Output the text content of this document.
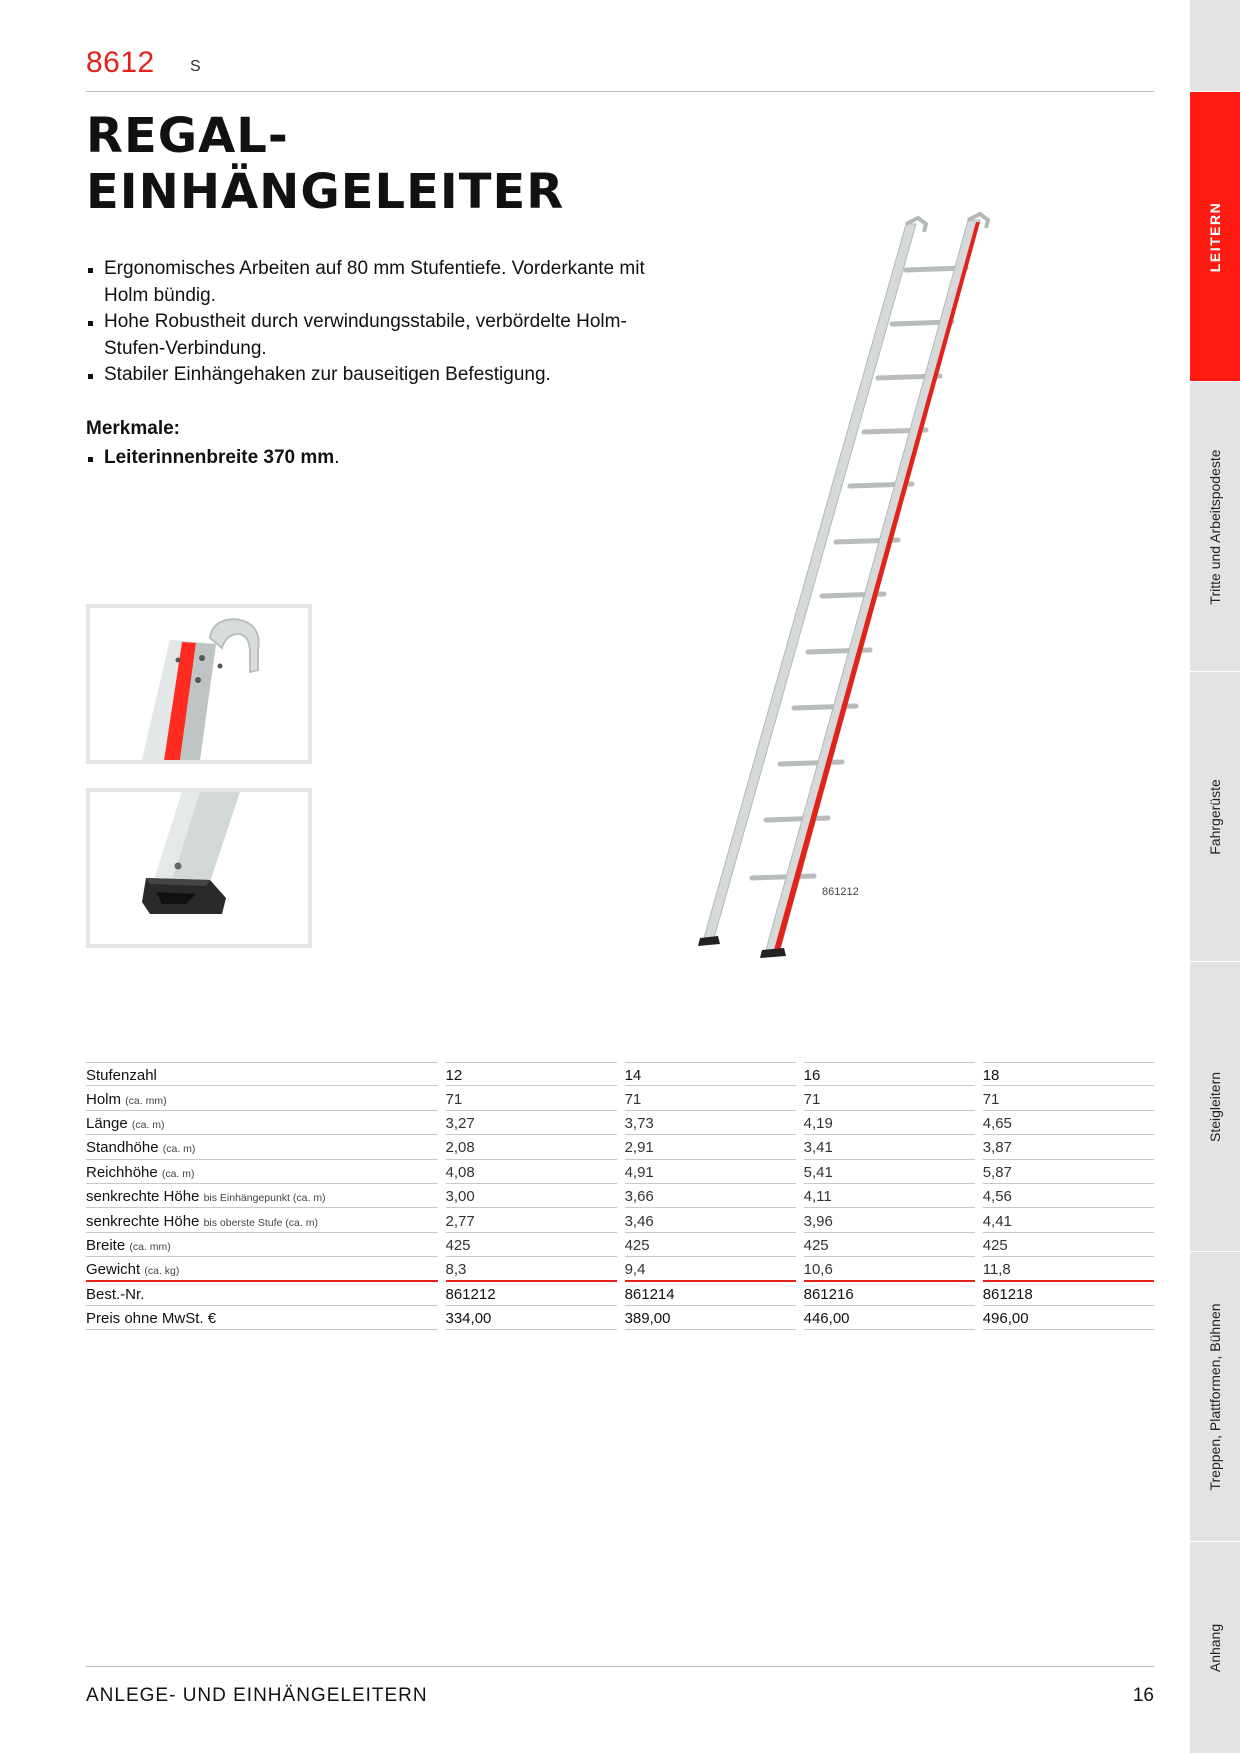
8612 S
REGAL-
EINHÄNGELEITER
Ergonomisches Arbeiten auf 80 mm Stufentiefe. Vorderkante mit Holm bündig.
Hohe Robustheit durch verwindungsstabile, verbördelte Holm-Stufen-Verbindung.
Stabiler Einhängehaken zur bauseitigen Befestigung.
Merkmale:
Leiterinnenbreite 370 mm.
861212
Stufenzahl		12		14		16		18
Holm (ca. mm)		71		71		71		71
Länge (ca. m)		3,27		3,73		4,19		4,65
Standhöhe (ca. m)		2,08		2,91		3,41		3,87
Reichhöhe (ca. m)		4,08		4,91		5,41		5,87
senkrechte Höhe bis Einhängepunkt (ca. m)		3,00		3,66		4,11		4,56
senkrechte Höhe bis oberste Stufe (ca. m)		2,77		3,46		3,96		4,41
Breite (ca. mm)		425		425		425		425
Gewicht (ca. kg)		8,3		9,4		10,6		11,8
Best.-Nr.		861212		861214		861216		861218
Preis ohne MwSt. €		334,00		389,00		446,00		496,00
ANLEGE- UND EINHÄNGELEITERN	16
LEITERN
Tritte und Arbeitspodeste
Fahrgerüste
Steigleitern
Treppen, Plattformen, Bühnen
Anhang
